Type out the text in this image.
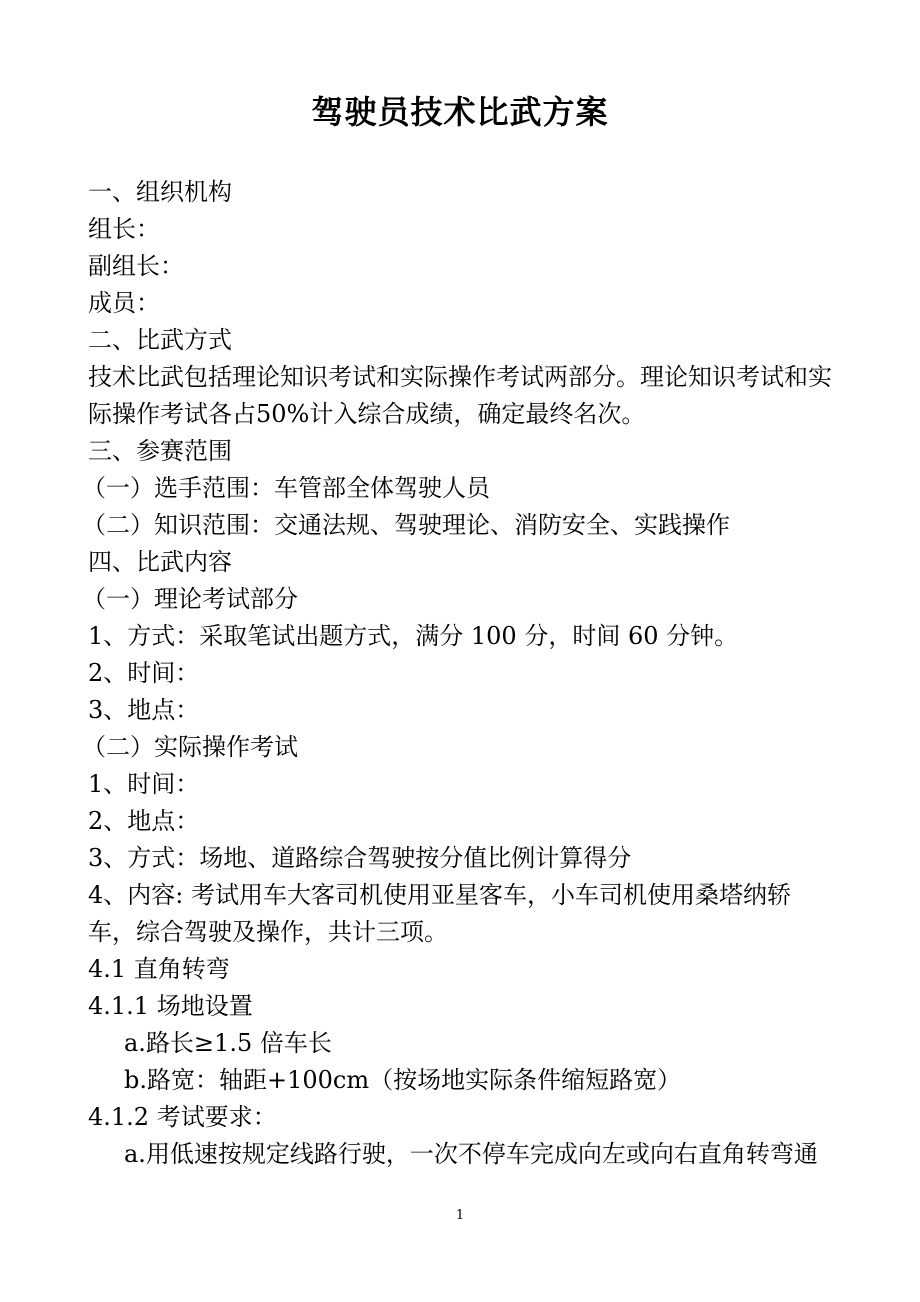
驾驶员技术比武方案
一、组织机构
组长：
副组长：
成员：
二、比武方式
技术比武包括理论知识考试和实际操作考试两部分。理论知识考试和实际操作考试各占50%计入综合成绩，确定最终名次。
三、参赛范围
（一）选手范围：车管部全体驾驶人员
（二）知识范围：交通法规、驾驶理论、消防安全、实践操作
四、比武内容
（一）理论考试部分
1、方式：采取笔试出题方式，满分 100 分，时间 60 分钟。
2、时间：
3、地点：
（二）实际操作考试
1、时间：
2、地点：
3、方式：场地、道路综合驾驶按分值比例计算得分
4、内容: 考试用车大客司机使用亚星客车，小车司机使用桑塔纳轿车，综合驾驶及操作，共计三项。
4.1 直角转弯
4.1.1 场地设置
a.路长≥1.5 倍车长
b.路宽：轴距+100cm（按场地实际条件缩短路宽）
4.1.2 考试要求：
a.用低速按规定线路行驶，一次不停车完成向左或向右直角转弯通
1
